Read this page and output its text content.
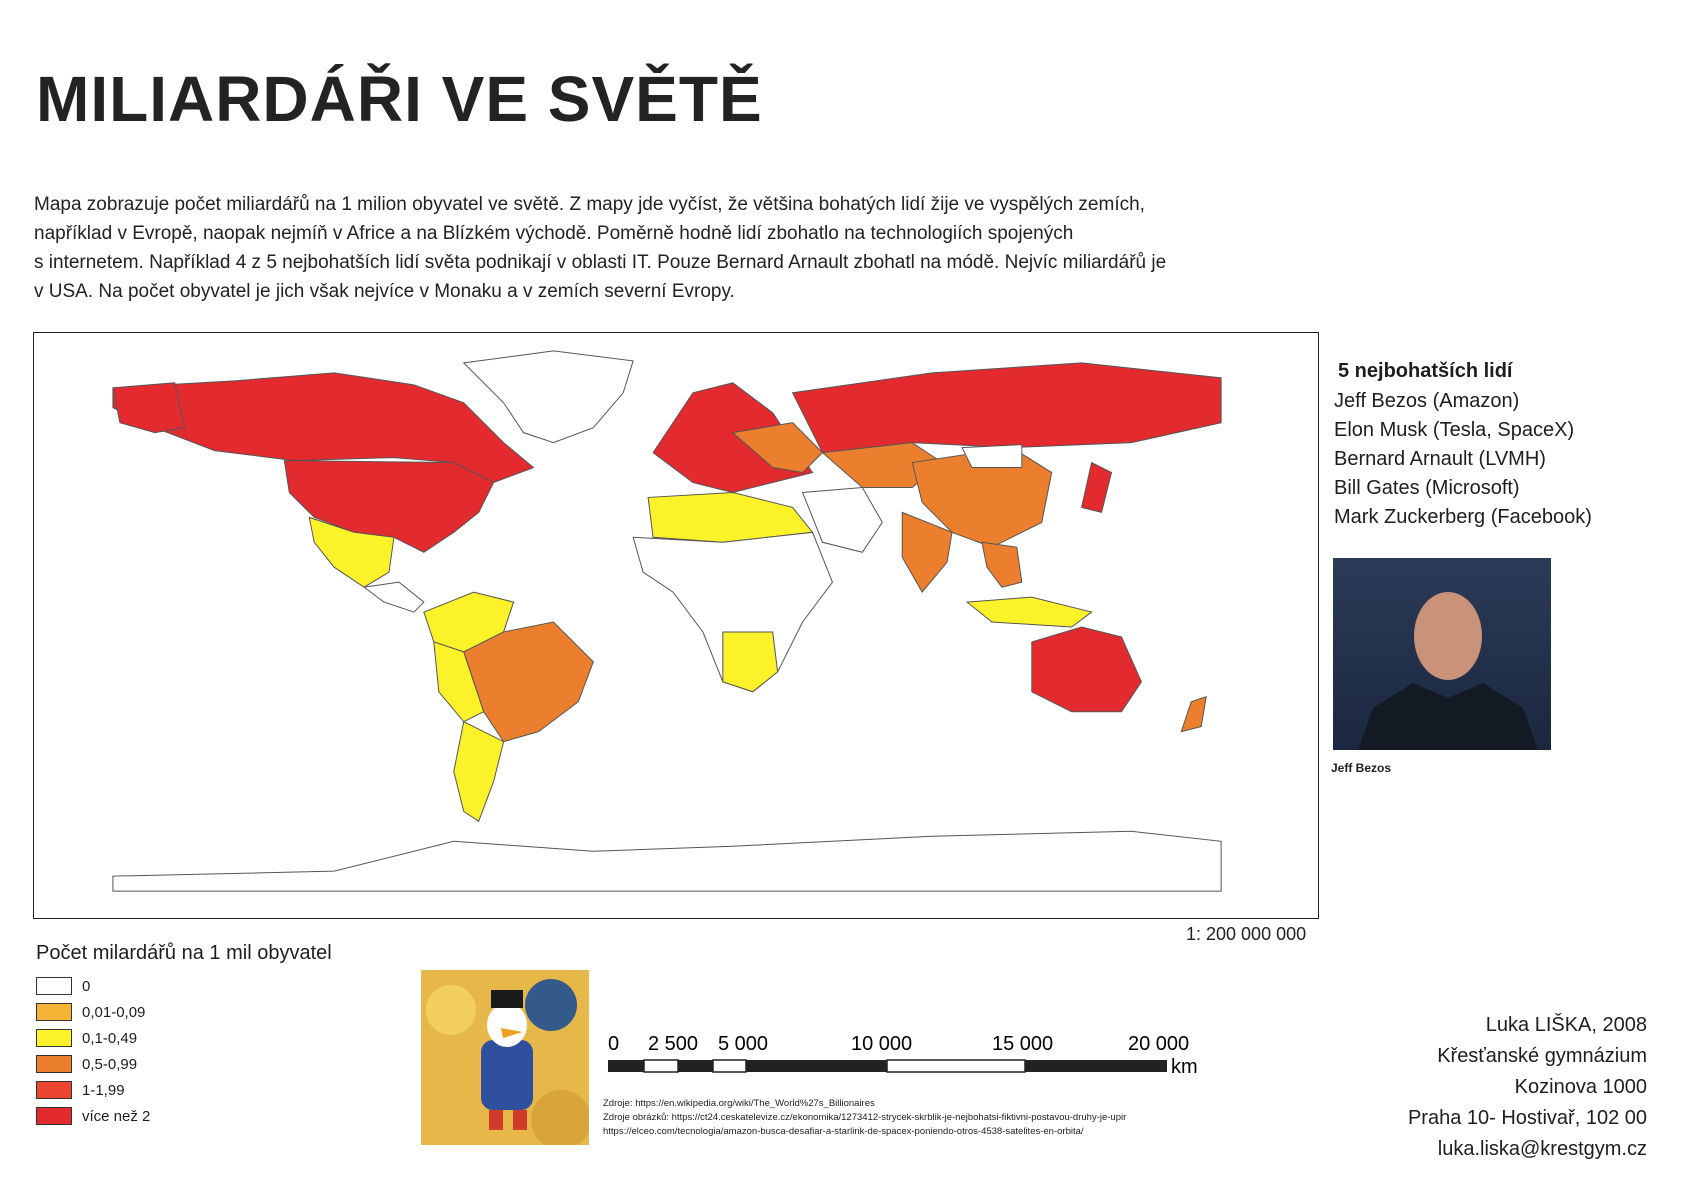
MILIARDÁŘI VE SVĚTĚ

Mapa zobrazuje počet miliardářů na 1 milion obyvatel ve světě. Z mapy jde vyčíst, že většina bohatých lidí žije ve vyspělých zemích,

například v Evropě, naopak nejmíň v Africe a na Blízkém východě. Poměrně hodně lidí zbohatlo na technologiích spojených

s internetem. Například 4 z 5 nejbohatších lidí světa podnikají v oblasti IT. Pouze Bernard Arnault zbohatl na módě. Nejvíc miliardářů je

v USA. Na počet obyvatel je jich však nejvíce v Monaku a v zemích severní Evropy.

1: 200 000 000

5 nejbohatších lidí

Jeff Bezos (Amazon)

Elon Musk (Tesla, SpaceX)

Bernard Arnault (LVMH)

Bill Gates (Microsoft)

Mark Zuckerberg (Facebook)

Jeff Bezos
Počet milardářů na 1 mil obyvatel
0
0,01-0,09
0,1-0,49
0,5-0,99
1-1,99
více než 2
0 2 500 5 000	10 000	15 000	20 000
km
Zdroje: https://en.wikipedia.org/wiki/The_World%27s_Billionaires
Zdroje obrázků: https://ct24.ceskatelevize.cz/ekonomika/1273412-strycek-skrblik-je-nejbohatsi-fiktivni-postavou-druhy-je-upir
https://elceo.com/tecnologia/amazon-busca-desafiar-a-starlink-de-spacex-poniendo-otros-4538-satelites-en-orbita/
Luka LIŠKA, 2008
Křesťanské gymnázium
Kozinova 1000
Praha 10- Hostivař, 102 00
luka.liska@krestgym.cz
